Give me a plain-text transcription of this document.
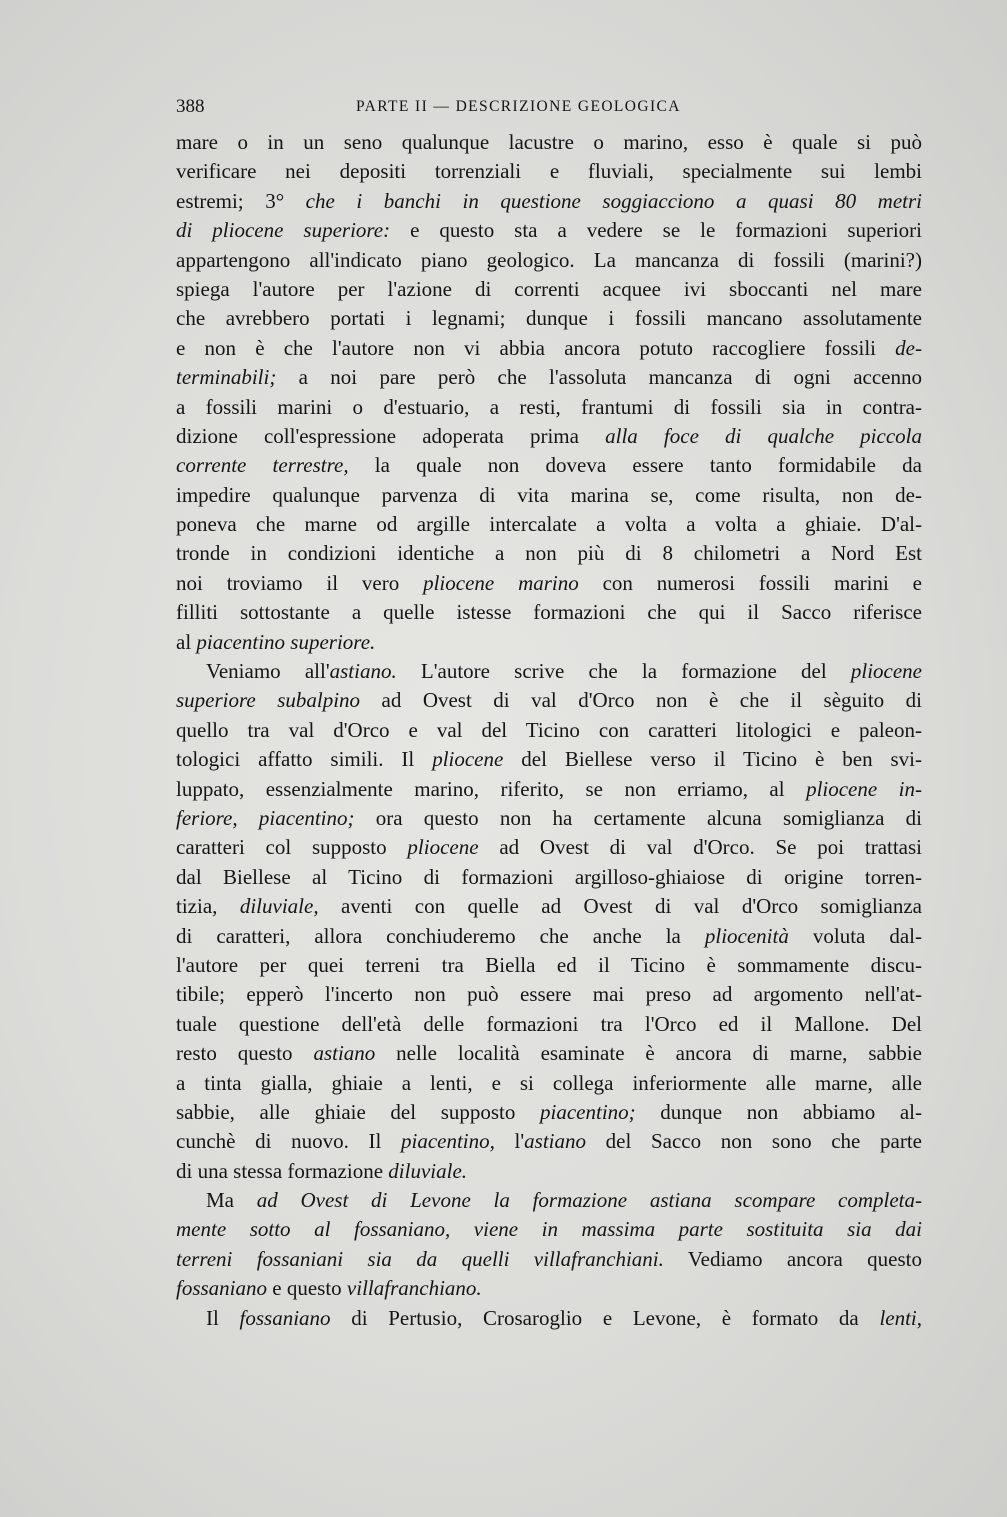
388	PARTE II — DESCRIZIONE GEOLOGICA
mare o in un seno qualunque lacustre o marino, esso è quale si può
verificare nei depositi torrenziali e fluviali, specialmente sui lembi
estremi; 3° che i banchi in questione soggiacciono a quasi 80 metri
di pliocene superiore: e questo sta a vedere se le formazioni superiori
appartengono all'indicato piano geologico. La mancanza di fossili (marini?)
spiega l'autore per l'azione di correnti acquee ivi sboccanti nel mare
che avrebbero portati i legnami; dunque i fossili mancano assolutamente
e non è che l'autore non vi abbia ancora potuto raccogliere fossili de-
terminabili; a noi pare però che l'assoluta mancanza di ogni accenno
a fossili marini o d'estuario, a resti, frantumi di fossili sia in contra-
dizione coll'espressione adoperata prima alla foce di qualche piccola
corrente terrestre, la quale non doveva essere tanto formidabile da
impedire qualunque parvenza di vita marina se, come risulta, non de-
poneva che marne od argille intercalate a volta a volta a ghiaie. D'al-
tronde in condizioni identiche a non più di 8 chilometri a Nord Est
noi troviamo il vero pliocene marino con numerosi fossili marini e
filliti sottostante a quelle istesse formazioni che qui il Sacco riferisce
al piacentino superiore.
Veniamo all'astiano. L'autore scrive che la formazione del pliocene
superiore subalpino ad Ovest di val d'Orco non è che il sèguito di
quello tra val d'Orco e val del Ticino con caratteri litologici e paleon-
tologici affatto simili. Il pliocene del Biellese verso il Ticino è ben svi-
luppato, essenzialmente marino, riferito, se non erriamo, al pliocene in-
feriore, piacentino; ora questo non ha certamente alcuna somiglianza di
caratteri col supposto pliocene ad Ovest di val d'Orco. Se poi trattasi
dal Biellese al Ticino di formazioni argilloso-ghiaiose di origine torren-
tizia, diluviale, aventi con quelle ad Ovest di val d'Orco somiglianza
di caratteri, allora conchiuderemo che anche la pliocenità voluta dal-
l'autore per quei terreni tra Biella ed il Ticino è sommamente discu-
tibile; epperò l'incerto non può essere mai preso ad argomento nell'at-
tuale questione dell'età delle formazioni tra l'Orco ed il Mallone. Del
resto questo astiano nelle località esaminate è ancora di marne, sabbie
a tinta gialla, ghiaie a lenti, e si collega inferiormente alle marne, alle
sabbie, alle ghiaie del supposto piacentino; dunque non abbiamo al-
cunchè di nuovo. Il piacentino, l'astiano del Sacco non sono che parte
di una stessa formazione diluviale.
Ma ad Ovest di Levone la formazione astiana scompare completa-
mente sotto al fossaniano, viene in massima parte sostituita sia dai
terreni fossaniani sia da quelli villafranchiani. Vediamo ancora questo
fossaniano e questo villafranchiano.
Il fossaniano di Pertusio, Crosaroglio e Levone, è formato da lenti,
